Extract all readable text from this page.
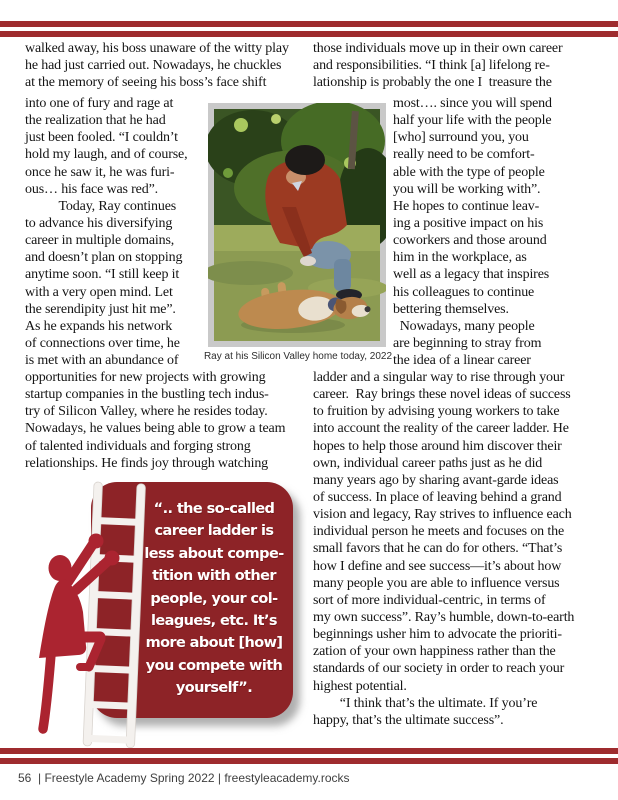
walked away, his boss unaware of the witty play
he had just carried out. Nowadays, he chuckles
at the memory of seeing his boss’s face shift
into one of fury and rage at
the realization that he had
just been fooled. “I couldn’t
hold my laugh, and of course,
once he saw it, he was furi-
ous… his face was red”.
Today, Ray continues
to advance his diversifying
career in multiple domains,
and doesn’t plan on stopping
anytime soon. “I still keep it
with a very open mind. Let
the serendipity just hit me”.
As he expands his network
of connections over time, he
is met with an abundance of
opportunities for new projects with growing
startup companies in the bustling tech indus-
try of Silicon Valley, where he resides today.
Nowadays, he values being able to grow a team
of talented individuals and forging strong
relationships. He finds joy through watching
those individuals move up in their own career
and responsibilities. “I think [a] lifelong re-
lationship is probably the one I  treasure the
most…. since you will spend
half your life with the people
[who] surround you, you
really need to be comfort-
able with the type of people
you will be working with”.
He hopes to continue leav-
ing a positive impact on his
coworkers and those around
him in the workplace, as
well as a legacy that inspires
his colleagues to continue
bettering themselves.
Nowadays, many people
are beginning to stray from
the idea of a linear career
ladder and a singular way to rise through your
career.  Ray brings these novel ideas of success
to fruition by advising young workers to take
into account the reality of the career ladder. He
hopes to help those around him discover their
own, individual career paths just as he did
many years ago by sharing avant-garde ideas
of success. In place of leaving behind a grand
vision and legacy, Ray strives to influence each
individual person he meets and focuses on the
small favors that he can do for others. “That’s
how I define and see success—it’s about how
many people you are able to influence versus
sort of more individual-centric, in terms of
my own success”. Ray’s humble, down-to-earth
beginnings usher him to advocate the prioriti-
zation of your own happiness rather than the
standards of our society in order to reach your
highest potential.
“I think that’s the ultimate. If you’re
happy, that’s the ultimate success”.
Ray at his Silicon Valley home today, 2022
“.. the so-called
career ladder is
less about compe-
tition with other
people, your col-
leagues, etc. It’s
more about [how]
you compete with
yourself”.
56  | Freestyle Academy Spring 2022 | freestyleacademy.rocks
